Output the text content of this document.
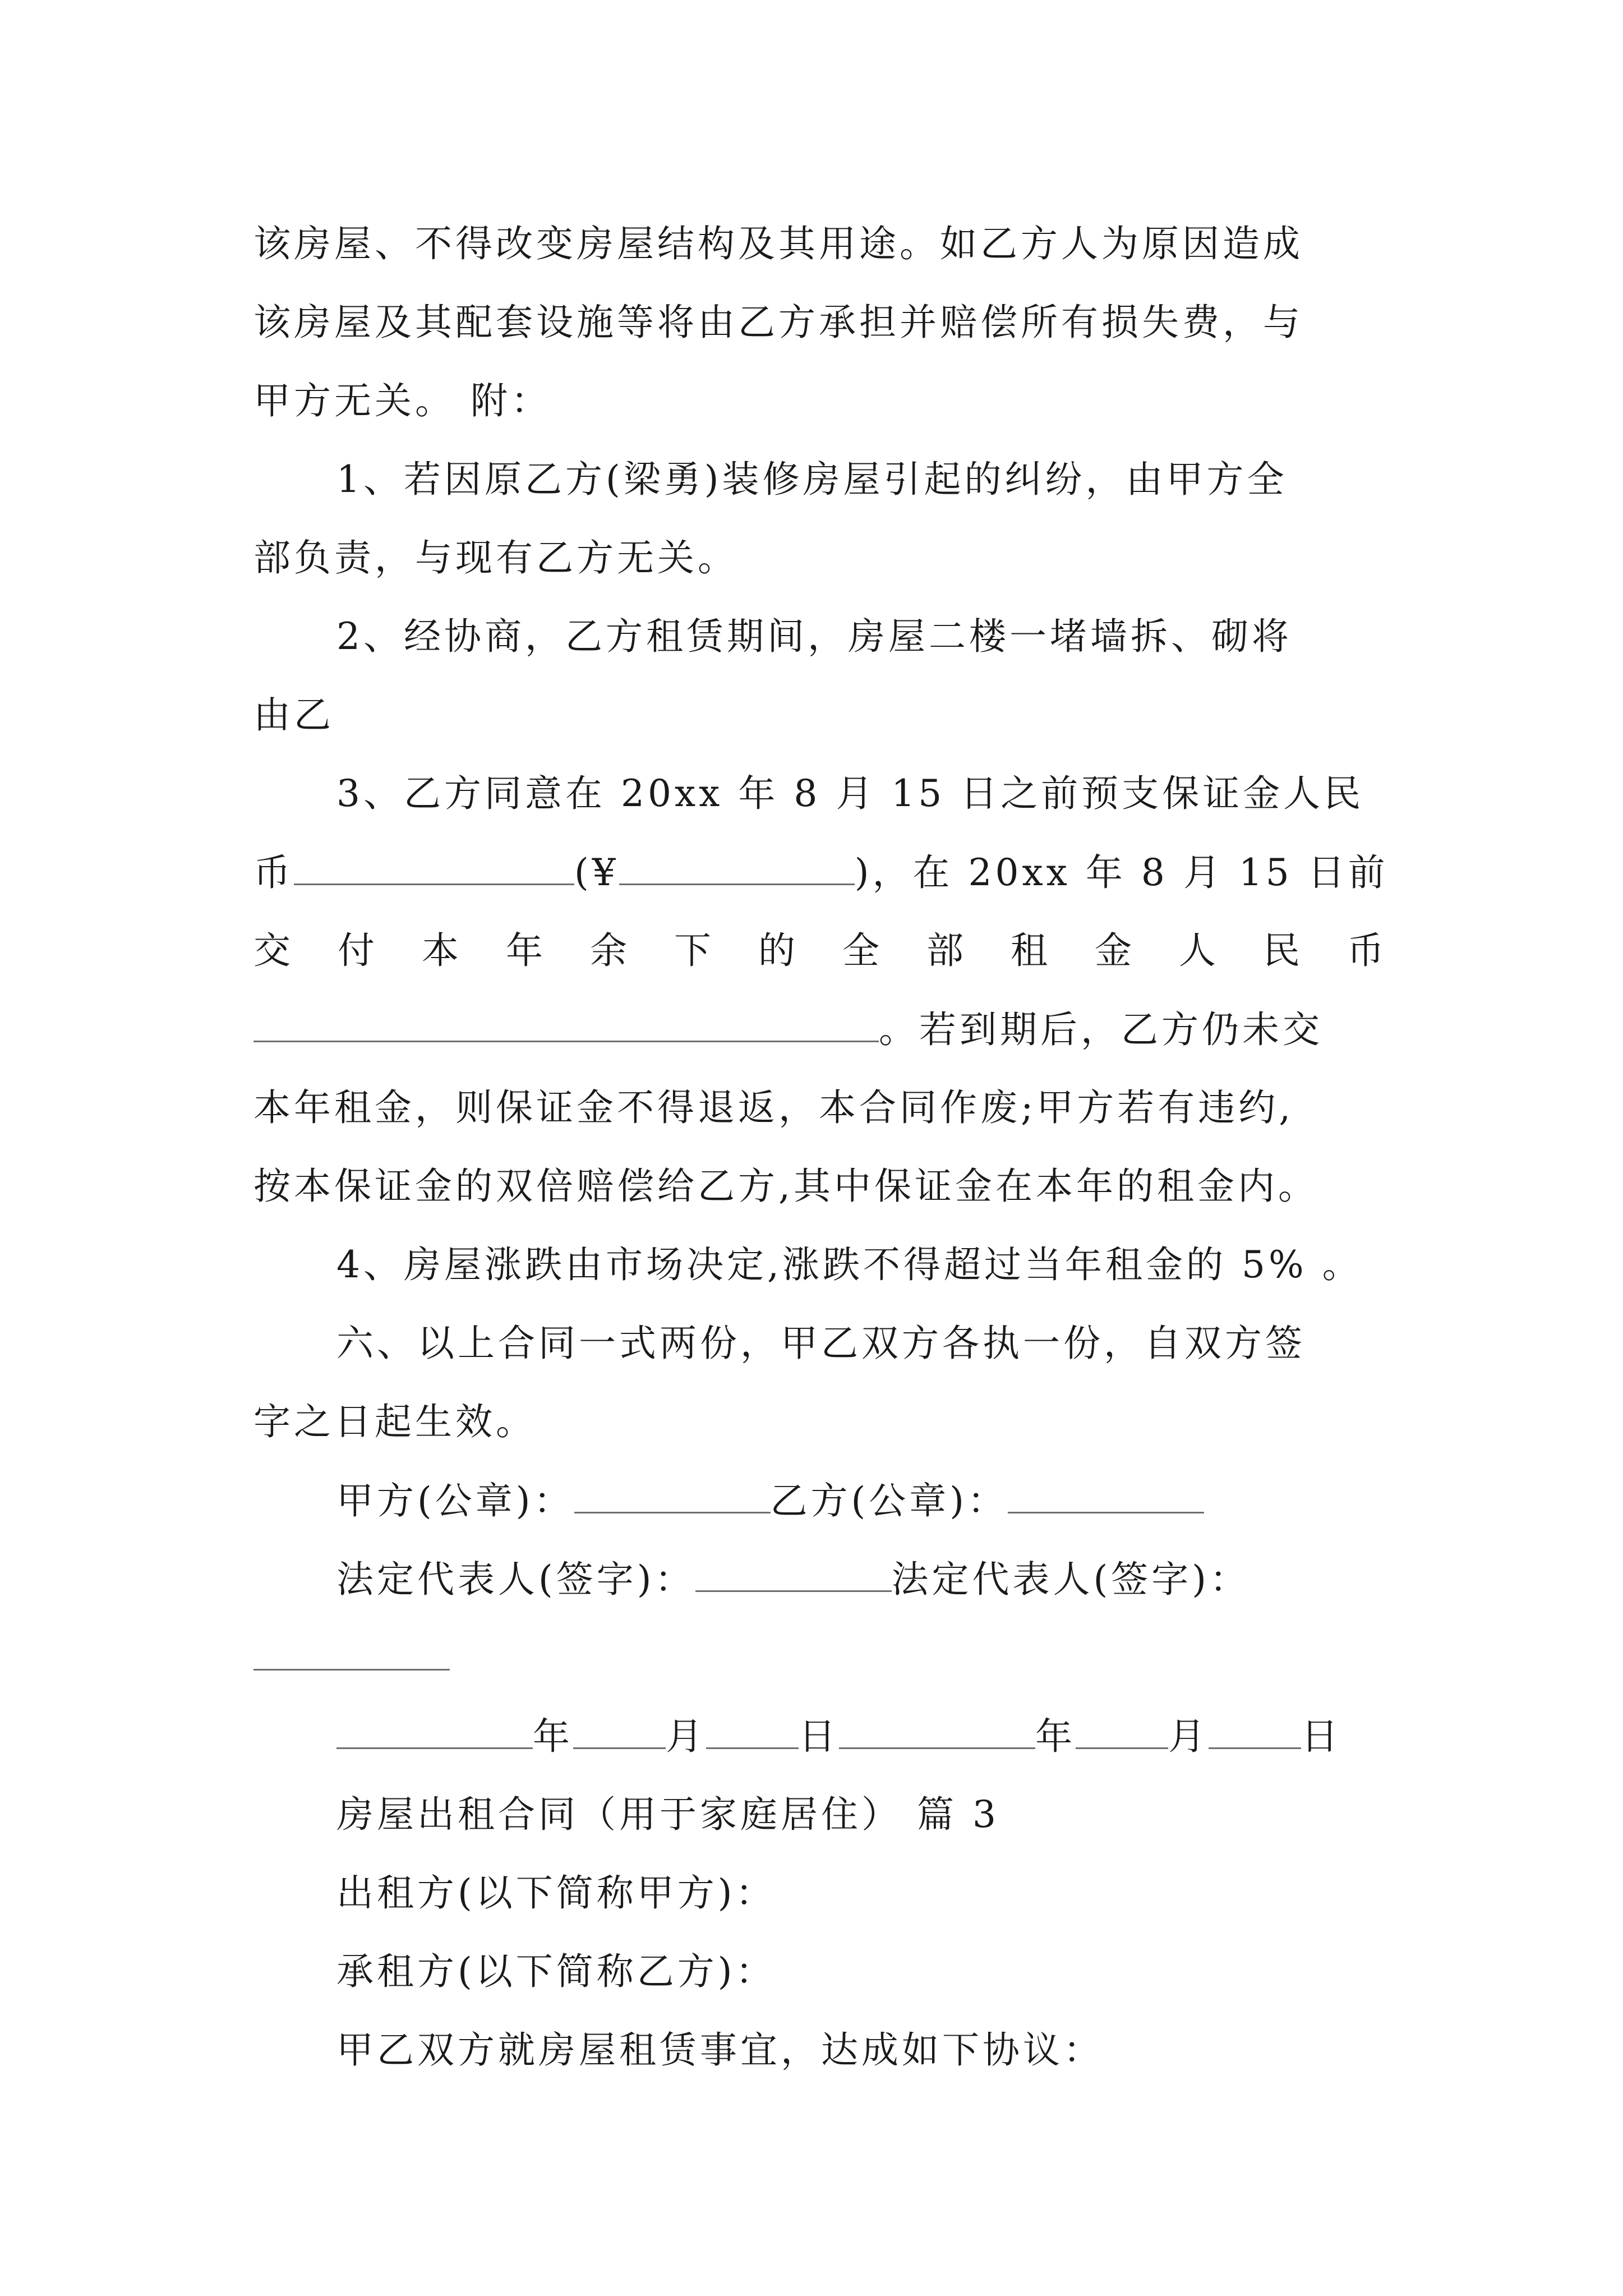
该房屋、不得改变房屋结构及其用途。如乙方人为原因造成
该房屋及其配套设施等将由乙方承担并赔偿所有损失费，与
甲方无关。 附：
1、若因原乙方(梁勇)装修房屋引起的纠纷，由甲方全
部负责，与现有乙方无关。
2、经协商，乙方租赁期间，房屋二楼一堵墙拆、砌将
由乙
3、乙方同意在 20xx 年 8 月 15 日之前预支保证金人民
币	(¥	)，在 20xx 年 8 月 15 日前
交付本年余下的全部租金人民币
。若到期后，乙方仍未交
本年租金，则保证金不得退返，本合同作废;甲方若有违约,
按本保证金的双倍赔偿给乙方,其中保证金在本年的租金内。
4、房屋涨跌由市场决定,涨跌不得超过当年租金的 5% 。
六、以上合同一式两份，甲乙双方各执一份，自双方签
字之日起生效。
甲方(公章)：	乙方(公章)：
法定代表人(签字)：	法定代表人(签字)：
年	月	日	年	月	日
房屋出租合同（用于家庭居住） 篇 3
出租方(以下简称甲方)：
承租方(以下简称乙方)：
甲乙双方就房屋租赁事宜，达成如下协议：
